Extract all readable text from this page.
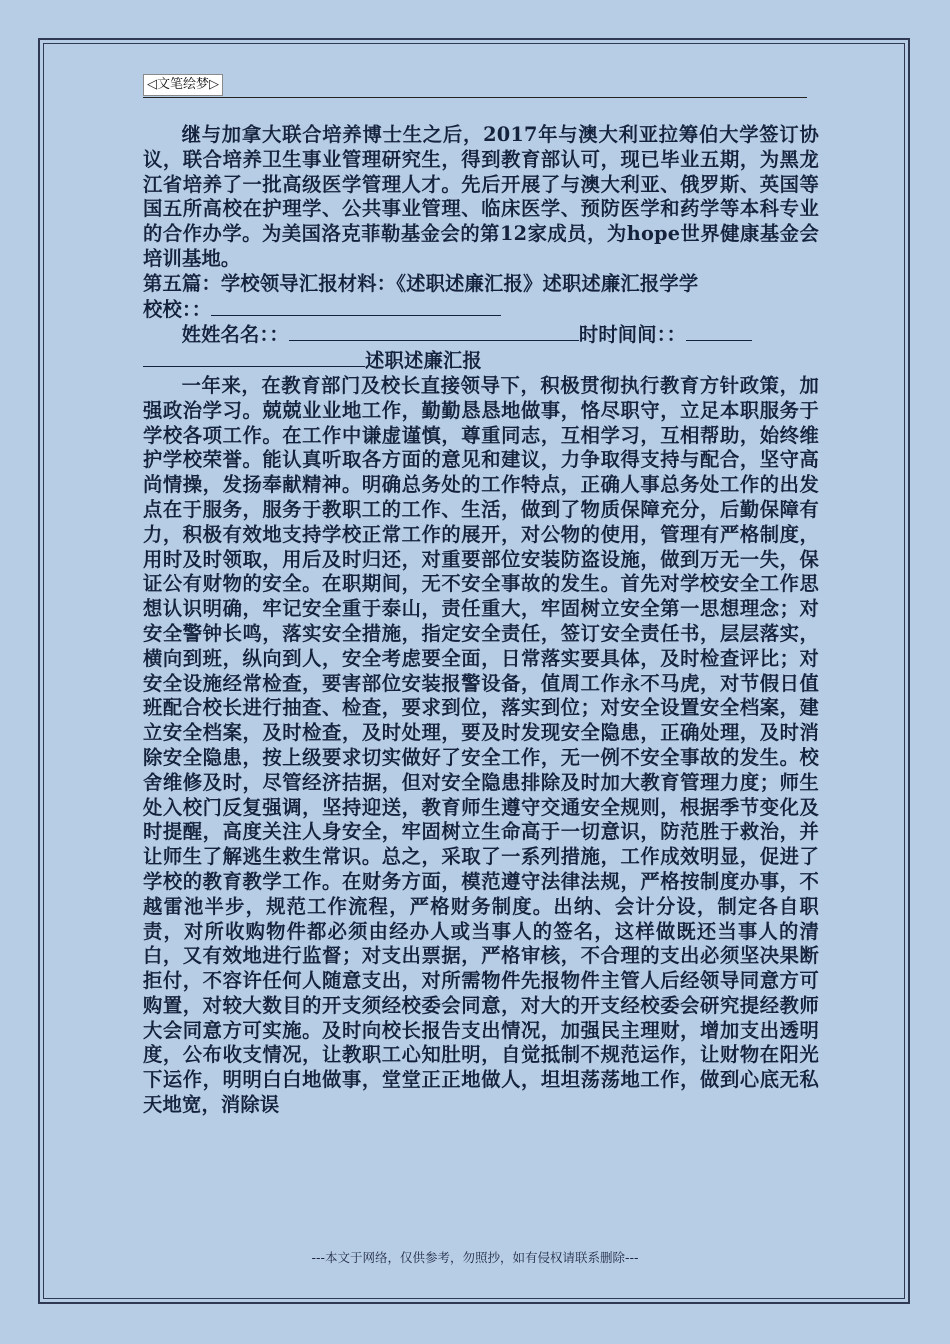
◁文笔绘梦▷

继与加拿大联合培养博士生之后，2017年与澳大利亚拉筹伯大学签订协议，联合培养卫生事业管理研究生，得到教育部认可，现已毕业五期，为黑龙江省培养了一批高级医学管理人才。先后开展了与澳大利亚、俄罗斯、英国等国五所高校在护理学、公共事业管理、临床医学、预防医学和药学等本科专业的合作办学。为美国洛克菲勒基金会的第12家成员，为hope世界健康基金会培训基地。

第五篇：学校领导汇报材料：《述职述廉汇报》述职述廉汇报学学

校校：：

姓姓名名：：	时时间间：：

述职述廉汇报

一年来，在教育部门及校长直接领导下，积极贯彻执行教育方针政策，加强政治学习。兢兢业业地工作，勤勤恳恳地做事，恪尽职守，立足本职服务于学校各项工作。在工作中谦虚谨慎，尊重同志，互相学习，互相帮助，始终维护学校荣誉。能认真听取各方面的意见和建议，力争取得支持与配合，坚守高尚情操，发扬奉献精神。明确总务处的工作特点，正确人事总务处工作的出发点在于服务，服务于教职工的工作、生活，做到了物质保障充分，后勤保障有力，积极有效地支持学校正常工作的展开，对公物的使用，管理有严格制度，用时及时领取，用后及时归还，对重要部位安装防盗设施，做到万无一失，保证公有财物的安全。在职期间，无不安全事故的发生。首先对学校安全工作思想认识明确，牢记安全重于泰山，责任重大，牢固树立安全第一思想理念；对安全警钟长鸣，落实安全措施，指定安全责任，签订安全责任书，层层落实，横向到班，纵向到人，安全考虑要全面，日常落实要具体，及时检查评比；对安全设施经常检查，要害部位安装报警设备，值周工作永不马虎，对节假日值班配合校长进行抽查、检查，要求到位，落实到位；对安全设置安全档案，建立安全档案，及时检查，及时处理，要及时发现安全隐患，正确处理，及时消除安全隐患，按上级要求切实做好了安全工作，无一例不安全事故的发生。校舍维修及时，尽管经济拮据，但对安全隐患排除及时加大教育管理力度；师生处入校门反复强调，坚持迎送，教育师生遵守交通安全规则，根据季节变化及时提醒，高度关注人身安全，牢固树立生命高于一切意识，防范胜于救治，并让师生了解逃生救生常识。总之，采取了一系列措施，工作成效明显，促进了学校的教育教学工作。在财务方面，模范遵守法律法规，严格按制度办事，不越雷池半步，规范工作流程，严格财务制度。出纳、会计分设，制定各自职责，对所收购物件都必须由经办人或当事人的签名，这样做既还当事人的清白，又有效地进行监督；对支出票据，严格审核，不合理的支出必须坚决果断拒付，不容许任何人随意支出，对所需物件先报物件主管人后经领导同意方可购置，对较大数目的开支须经校委会同意，对大的开支经校委会研究提经教师大会同意方可实施。及时向校长报告支出情况，加强民主理财，增加支出透明度，公布收支情况，让教职工心知肚明，自觉抵制不规范运作，让财物在阳光下运作，明明白白地做事，堂堂正正地做人，坦坦荡荡地工作，做到心底无私天地宽，消除误

---本文于网络，仅供参考，勿照抄，如有侵权请联系删除---
